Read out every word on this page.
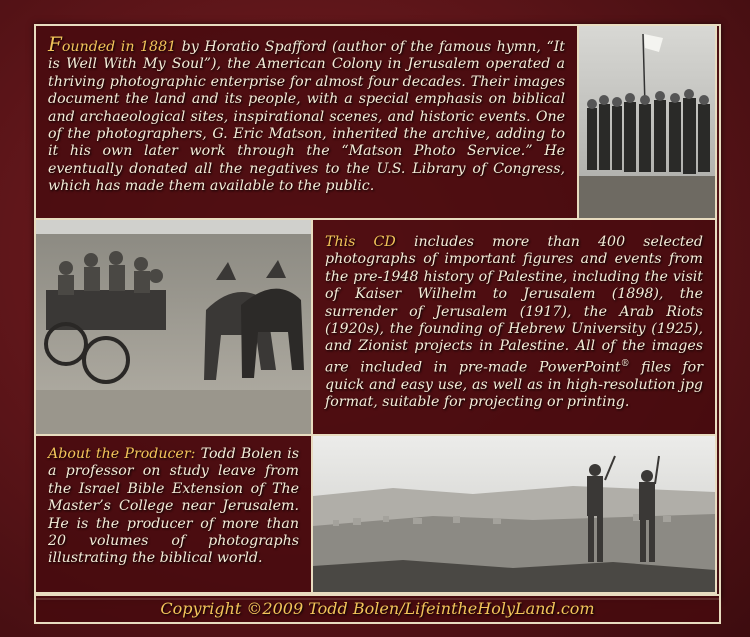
Founded in 1881 by Horatio Spafford (author of the famous hymn, “It is Well With My Soul”), the American Colony in Jerusalem operated a thriving photographic enterprise for almost four decades. Their images document the land and its people, with a special emphasis on biblical and archaeological sites, inspirational scenes, and historic events. One of the photographers, G. Eric Matson, inherited the archive, adding to it his own later work through the “Matson Photo Service.” He eventually donated all the negatives to the U.S. Library of Congress, which has made them available to the public.

This CD includes more than 400 selected photographs of important figures and events from the pre-1948 history of Palestine, including the visit of Kaiser Wilhelm to Jerusalem (1898), the surrender of Jerusalem (1917), the Arab Riots (1920s), the founding of Hebrew University (1925), and Zionist projects in Palestine. All of the images are included in pre-made PowerPoint® files for quick and easy use, as well as in high-resolution jpg format, suitable for projecting or printing.

About the Producer: Todd Bolen is a professor on study leave from the Israel Bible Extension of The Master’s College near Jerusalem. He is the producer of more than 20 volumes of photographs illustrating the biblical world.

Copyright ©2009 Todd Bolen/LifeintheHolyLand.com
